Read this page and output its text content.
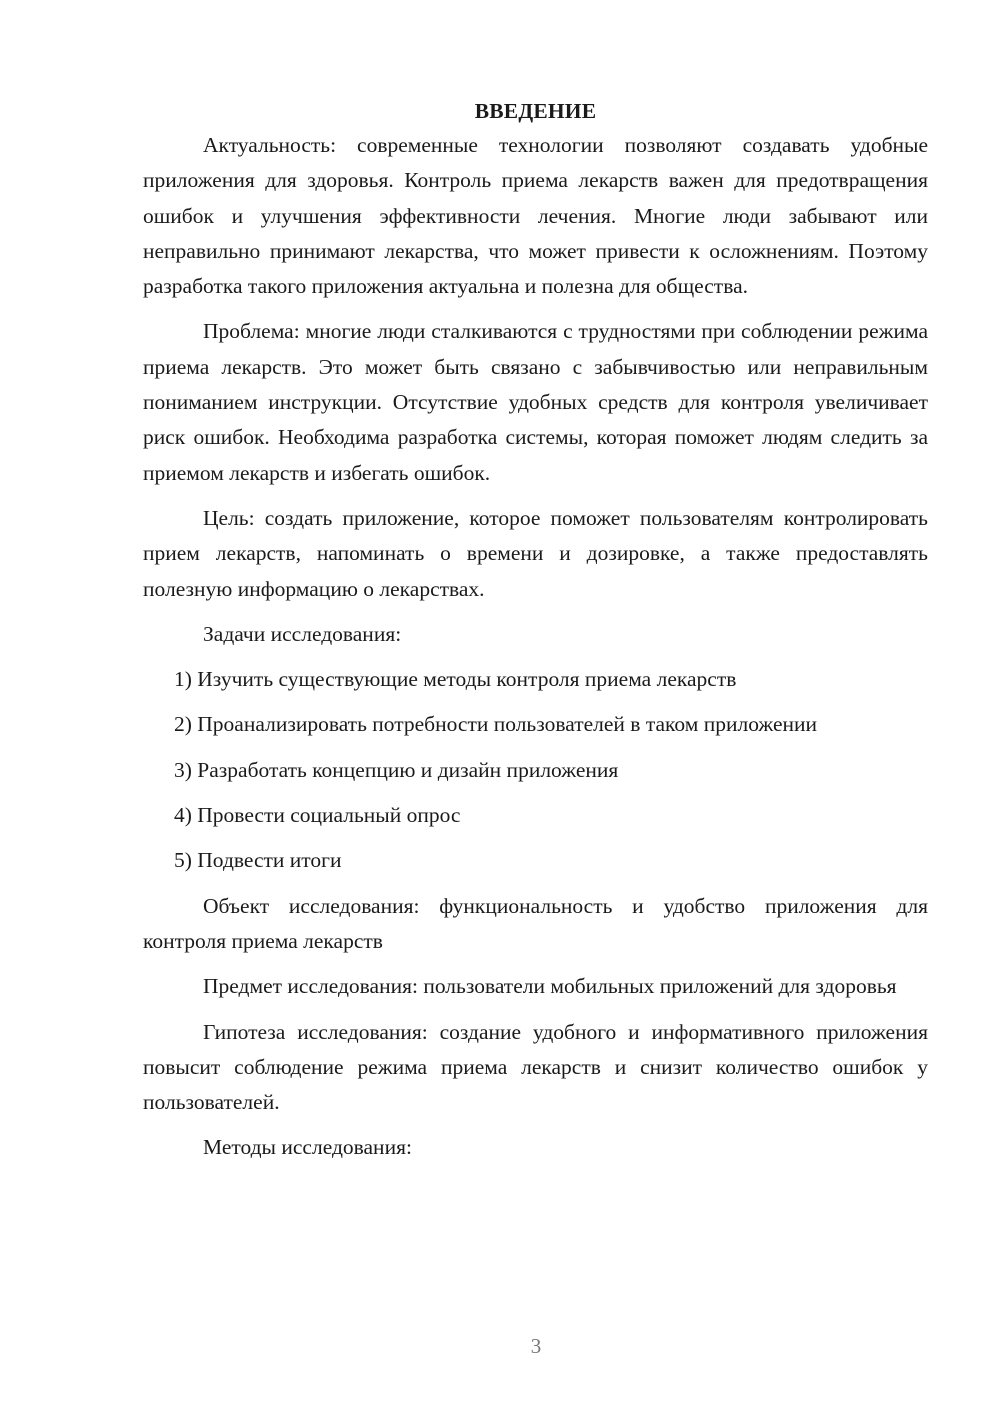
ВВЕДЕНИЕ

Актуальность: современные технологии позволяют создавать удобные приложения для здоровья. Контроль приема лекарств важен для предотвращения ошибок и улучшения эффективности лечения. Многие люди забывают или неправильно принимают лекарства, что может привести к осложнениям. Поэтому разработка такого приложения актуальна и полезна для общества.

Проблема: многие люди сталкиваются с трудностями при соблюдении режима приема лекарств. Это может быть связано с забывчивостью или неправильным пониманием инструкции. Отсутствие удобных средств для контроля увеличивает риск ошибок. Необходима разработка системы, которая поможет людям следить за приемом лекарств и избегать ошибок.

Цель: создать приложение, которое поможет пользователям контролировать прием лекарств, напоминать о времени и дозировке, а также предоставлять полезную информацию о лекарствах.

Задачи исследования:

1) Изучить существующие методы контроля приема лекарств
2) Проанализировать потребности пользователей в таком приложении
3) Разработать концепцию и дизайн приложения
4) Провести социальный опрос
5) Подвести итоги

Объект исследования: функциональность и удобство приложения для контроля приема лекарств

Предмет исследования: пользователи мобильных приложений для здоровья

Гипотеза исследования: создание удобного и информативного приложения повысит соблюдение режима приема лекарств и снизит количество ошибок у пользователей.

Методы исследования:

3
